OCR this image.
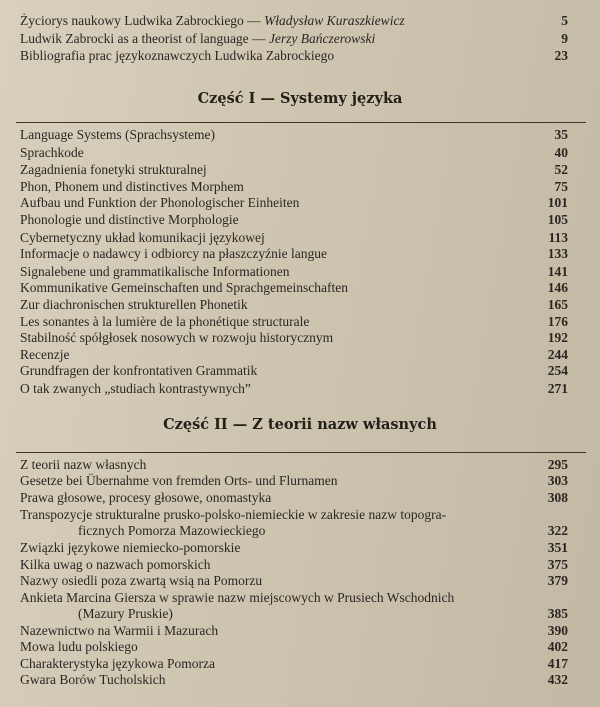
Życiorys naukowy Ludwika Zabrockiego — Władysław Kuraszkiewicz	5
Ludwik Zabrocki as a theorist of language — Jerzy Bańczerowski	9
Bibliografia prac językoznawczych Ludwika Zabrockiego	23
Część I — Systemy języka
Language Systems (Sprachsysteme)	35
Sprachkode	40
Zagadnienia fonetyki strukturalnej	52
Phon, Phonem und distinctives Morphem	75
Aufbau und Funktion der Phonologischer Einheiten	101
Phonologie und distinctive Morphologie	105
Cybernetyczny układ komunikacji językowej	113
Informacje o nadawcy i odbiorcy na płaszczyźnie langue	133
Signalebene und grammatikalische Informationen	141
Kommunikative Gemeinschaften und Sprachgemeinschaften	146
Zur diachronischen strukturellen Phonetik	165
Les sonantes à la lumière de la phonétique structurale	176
Stabilność spółgłosek nosowych w rozwoju historycznym	192
Recenzje	244
Grundfragen der konfrontativen Grammatik	254
O tak zwanych „studiach kontrastywnych”	271
Część II — Z teorii nazw własnych
Z teorii nazw własnych	295
Gesetze bei Übernahme von fremden Orts- und Flurnamen	303
Prawa głosowe, procesy głosowe, onomastyka	308
Transpozycje strukturalne prusko-polsko-niemieckie w zakresie nazw topogra-
ficznych Pomorza Mazowieckiego	322
Związki językowe niemiecko-pomorskie	351
Kilka uwag o nazwach pomorskich	375
Nazwy osiedli poza zwartą wsią na Pomorzu	379
Ankieta Marcina Giersza w sprawie nazw miejscowych w Prusiech Wschodnich
(Mazury Pruskie)	385
Nazewnictwo na Warmii i Mazurach	390
Mowa ludu polskiego	402
Charakterystyka językowa Pomorza	417
Gwara Borów Tucholskich	432
